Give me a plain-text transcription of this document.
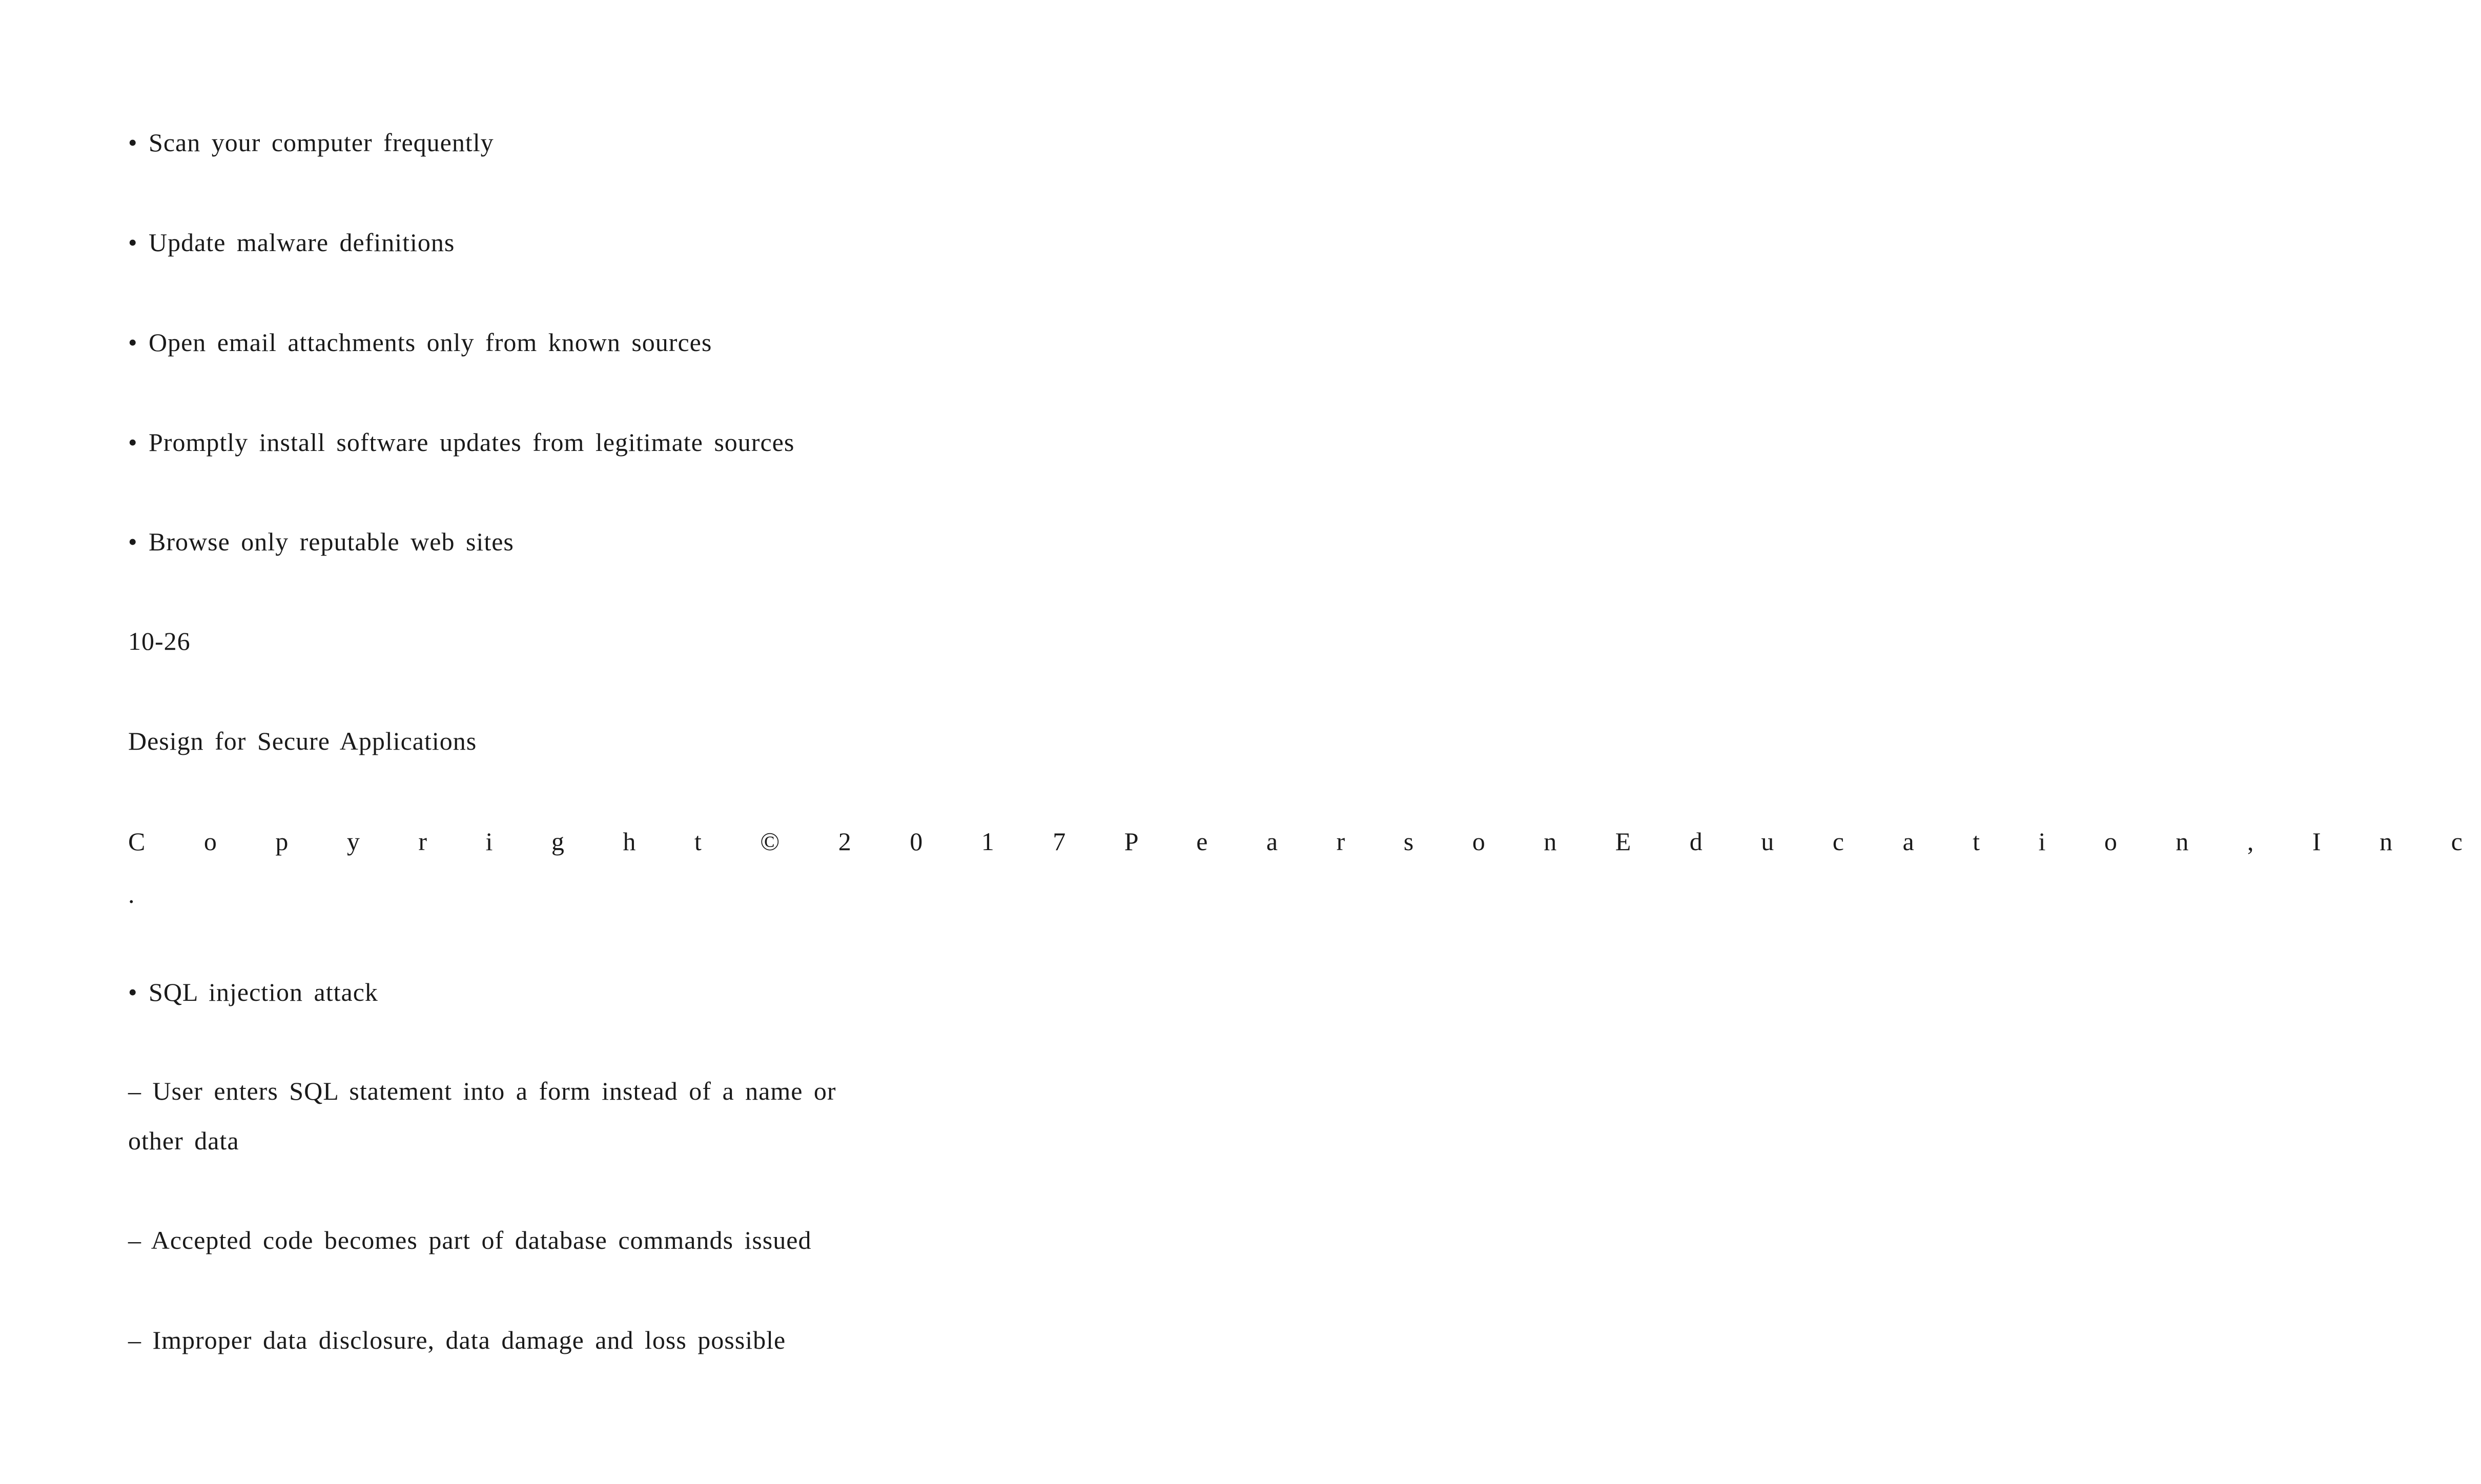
• Scan your computer frequently
• Update malware definitions
• Open email attachments only from known sources
• Promptly install software updates from legitimate sources
• Browse only reputable web sites
10-26
Design for Secure Applications
C o p y r i g h t © 2 0 1 7 P e a r s o n E d u c a t i o n , I n c
.
• SQL injection attack
– User enters SQL statement into a form instead of a name or
other data
– Accepted code becomes part of database commands issued
– Improper data disclosure, data damage and loss possible
